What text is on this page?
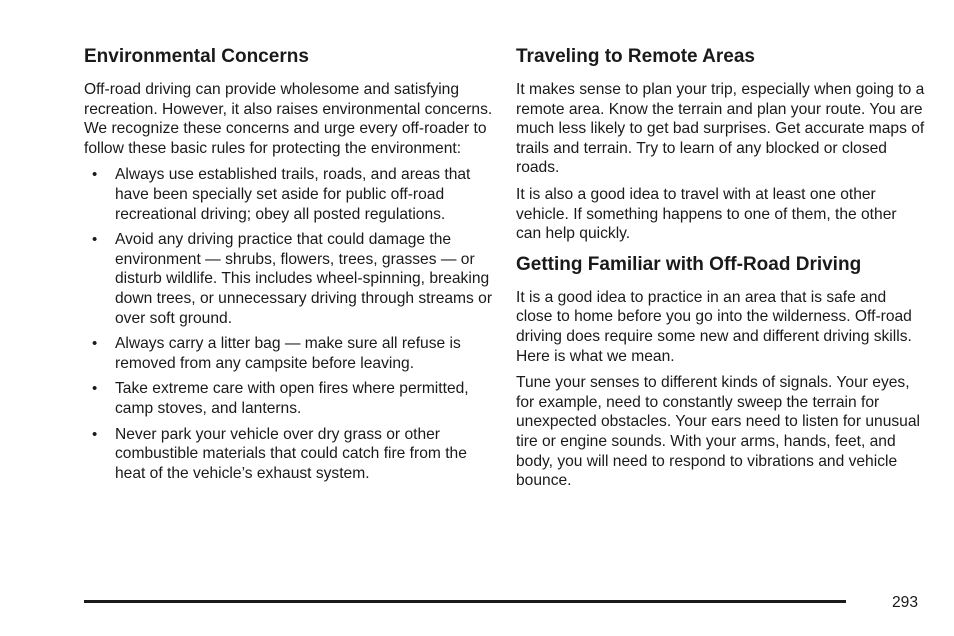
Environmental Concerns

Off-road driving can provide wholesome and satisfying recreation. However, it also raises environmental concerns. We recognize these concerns and urge every off-roader to follow these basic rules for protecting the environment:

• Always use established trails, roads, and areas that have been specially set aside for public off-road recreational driving; obey all posted regulations.
• Avoid any driving practice that could damage the environment — shrubs, flowers, trees, grasses — or disturb wildlife. This includes wheel-spinning, breaking down trees, or unnecessary driving through streams or over soft ground.
• Always carry a litter bag — make sure all refuse is removed from any campsite before leaving.
• Take extreme care with open fires where permitted, camp stoves, and lanterns.
• Never park your vehicle over dry grass or other combustible materials that could catch fire from the heat of the vehicle’s exhaust system.
Traveling to Remote Areas

It makes sense to plan your trip, especially when going to a remote area. Know the terrain and plan your route. You are much less likely to get bad surprises. Get accurate maps of trails and terrain. Try to learn of any blocked or closed roads.

It is also a good idea to travel with at least one other vehicle. If something happens to one of them, the other can help quickly.

Getting Familiar with Off-Road Driving

It is a good idea to practice in an area that is safe and close to home before you go into the wilderness. Off-road driving does require some new and different driving skills. Here is what we mean.

Tune your senses to different kinds of signals. Your eyes, for example, need to constantly sweep the terrain for unexpected obstacles. Your ears need to listen for unusual tire or engine sounds. With your arms, hands, feet, and body, you will need to respond to vibrations and vehicle bounce.

293
